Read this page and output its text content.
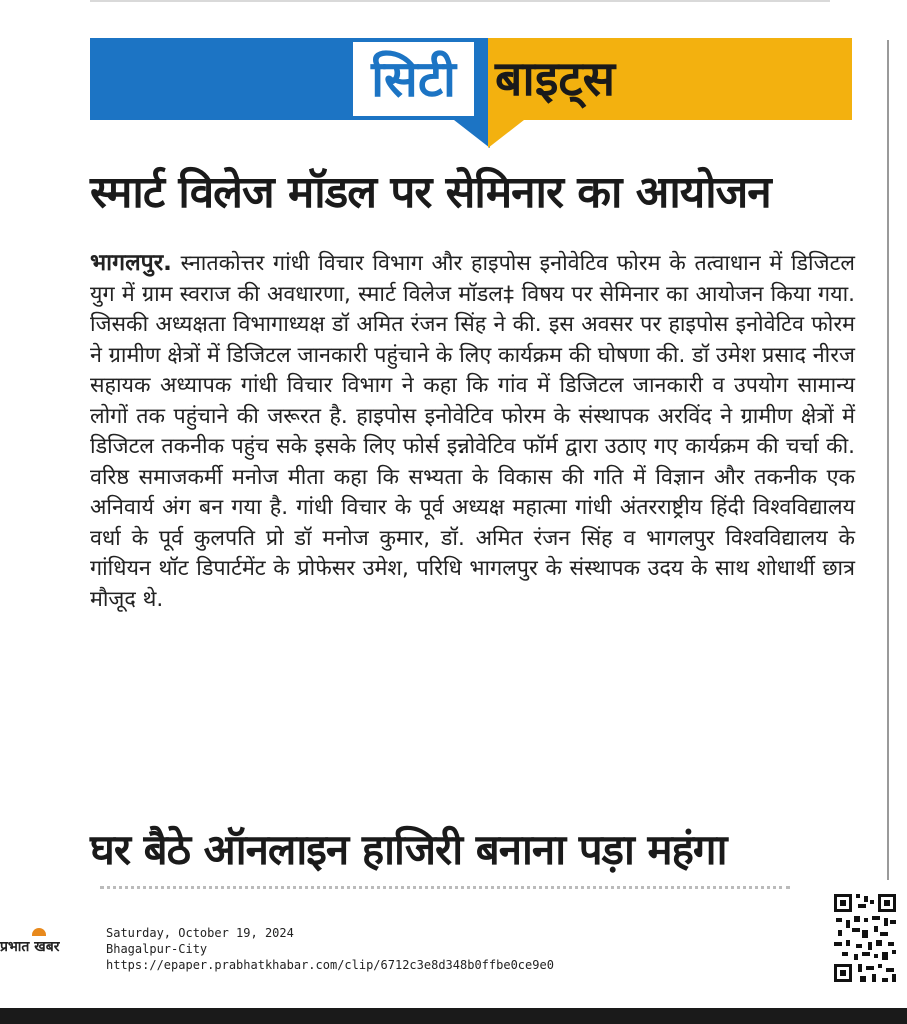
सिटी बाइट्स
स्मार्ट विलेज मॉडल पर सेमिनार का आयोजन
भागलपुर. स्नातकोत्तर गांधी विचार विभाग और हाइपोस इनोवेटिव फोरम के तत्वाधान में डिजिटल युग में ग्राम स्वराज की अवधारणा, स्मार्ट विलेज मॉडल‡ विषय पर सेमिनार का आयोजन किया गया. जिसकी अध्यक्षता विभागाध्यक्ष डॉ अमित रंजन सिंह ने की. इस अवसर पर हाइपोस इनोवेटिव फोरम ने ग्रामीण क्षेत्रों में डिजिटल जानकारी पहुंचाने के लिए कार्यक्रम की घोषणा की. डॉ उमेश प्रसाद नीरज सहायक अध्यापक गांधी विचार विभाग ने कहा कि गांव में डिजिटल जानकारी व उपयोग सामान्य लोगों तक पहुंचाने की जरूरत है. हाइपोस इनोवेटिव फोरम के संस्थापक अरविंद ने ग्रामीण क्षेत्रों में डिजिटल तकनीक पहुंच सके इसके लिए फोर्स इन्नोवेटिव फॉर्म द्वारा उठाए गए कार्यक्रम की चर्चा की. वरिष्ठ समाजकर्मी मनोज मीता कहा कि सभ्यता के विकास की गति में विज्ञान और तकनीक एक अनिवार्य अंग बन गया है. गांधी विचार के पूर्व अध्यक्ष महात्मा गांधी अंतरराष्ट्रीय हिंदी विश्वविद्यालय वर्धा के पूर्व कुलपति प्रो डॉ मनोज कुमार, डॉ. अमित रंजन सिंह व भागलपुर विश्वविद्यालय के गांधियन थॉट डिपार्टमेंट के प्रोफेसर उमेश, परिधि भागलपुर के संस्थापक उदय के साथ शोधार्थी छात्र मौजूद थे.
घर बैठे ऑनलाइन हाजिरी बनाना पड़ा महंगा
प्रभात खबर
Saturday, October 19, 2024
Bhagalpur-City
https://epaper.prabhatkhabar.com/clip/6712c3e8d348b0ffbe0ce9e0
